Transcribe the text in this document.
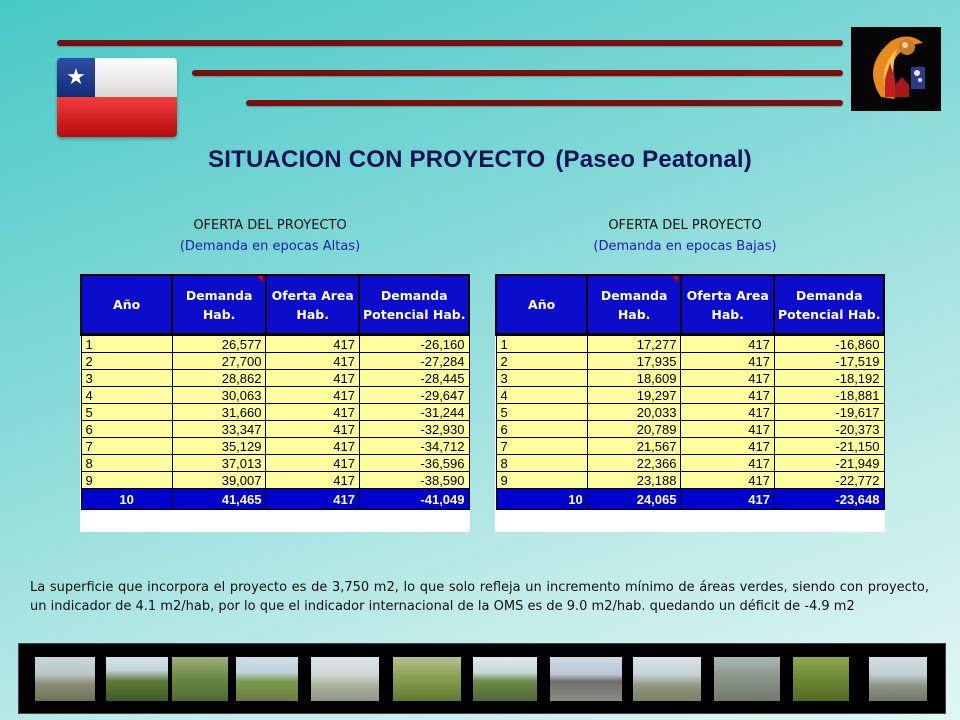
★
SITUACION CON PROYECTO (Paseo Peatonal)
OFERTA DEL PROYECTO
(Demanda en epocas Altas)
OFERTA DEL PROYECTO
(Demanda en epocas Bajas)
Año	Demanda Hab.	Oferta Area Hab.	Demanda Potencial Hab.
1	26,577	417	-26,160
2	27,700	417	-27,284
3	28,862	417	-28,445
4	30,063	417	-29,647
5	31,660	417	-31,244
6	33,347	417	-32,930
7	35,129	417	-34,712
8	37,013	417	-36,596
9	39,007	417	-38,590
10	41,465	417	-41,049
Año	Demanda Hab.	Oferta Area Hab.	Demanda Potencial Hab.
1	17,277	417	-16,860
2	17,935	417	-17,519
3	18,609	417	-18,192
4	19,297	417	-18,881
5	20,033	417	-19,617
6	20,789	417	-20,373
7	21,567	417	-21,150
8	22,366	417	-21,949
9	23,188	417	-22,772
10	24,065	417	-23,648
La superficie que incorpora el proyecto es de 3,750 m2, lo que solo refleja un incremento mínimo de áreas verdes, siendo con proyecto, un indicador de 4.1 m2/hab, por lo que el indicador internacional de la OMS es de 9.0 m2/hab. quedando un déficit de -4.9 m2
